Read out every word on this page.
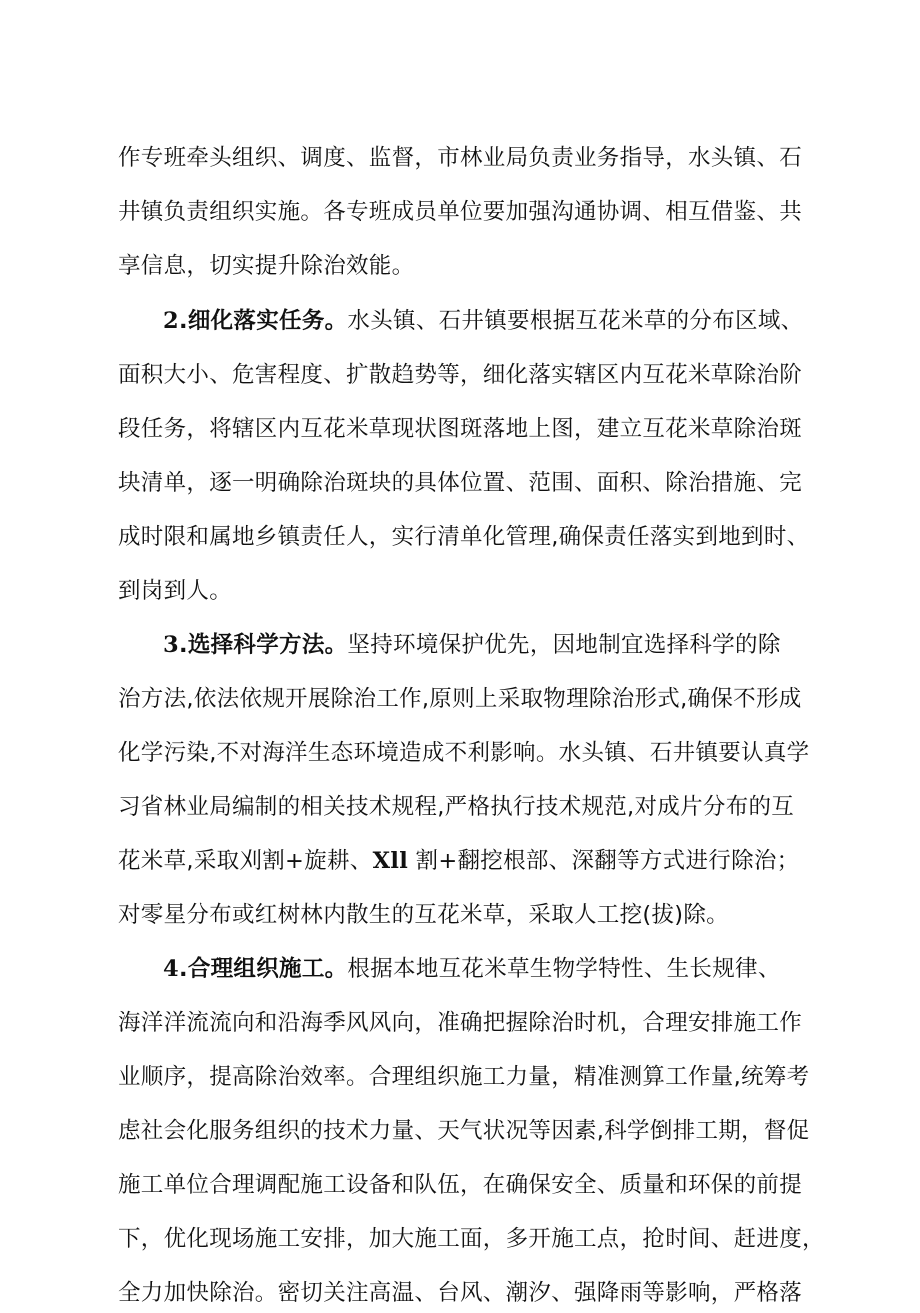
作专班牵头组织、调度、监督，市林业局负责业务指导，水头镇、石

井镇负责组织实施。各专班成员单位要加强沟通协调、相互借鉴、共

享信息，切实提升除治效能。

2.细化落实任务。水头镇、石井镇要根据互花米草的分布区域、

面积大小、危害程度、扩散趋势等，细化落实辖区内互花米草除治阶

段任务，将辖区内互花米草现状图斑落地上图，建立互花米草除治斑

块清单，逐一明确除治斑块的具体位置、范围、面积、除治措施、完

成时限和属地乡镇责任人，实行清单化管理,确保责任落实到地到时、

到岗到人。

3.选择科学方法。坚持环境保护优先，因地制宜选择科学的除

治方法,依法依规开展除治工作,原则上采取物理除治形式,确保不形成

化学污染,不对海洋生态环境造成不利影响。水头镇、石井镇要认真学

习省林业局编制的相关技术规程,严格执行技术规范,对成片分布的互

花米草,采取刈割+旋耕、Xll 割+翻挖根部、深翻等方式进行除治；

对零星分布或红树林内散生的互花米草，采取人工挖(拔)除。

4.合理组织施工。根据本地互花米草生物学特性、生长规律、

海洋洋流流向和沿海季风风向，准确把握除治时机，合理安排施工作

业顺序，提高除治效率。合理组织施工力量，精准测算工作量,统筹考

虑社会化服务组织的技术力量、天气状况等因素,科学倒排工期，督促

施工单位合理调配施工设备和队伍，在确保安全、质量和环保的前提

下，优化现场施工安排，加大施工面，多开施工点，抢时间、赶进度，

全力加快除治。密切关注高温、台风、潮汐、强降雨等影响，严格落
